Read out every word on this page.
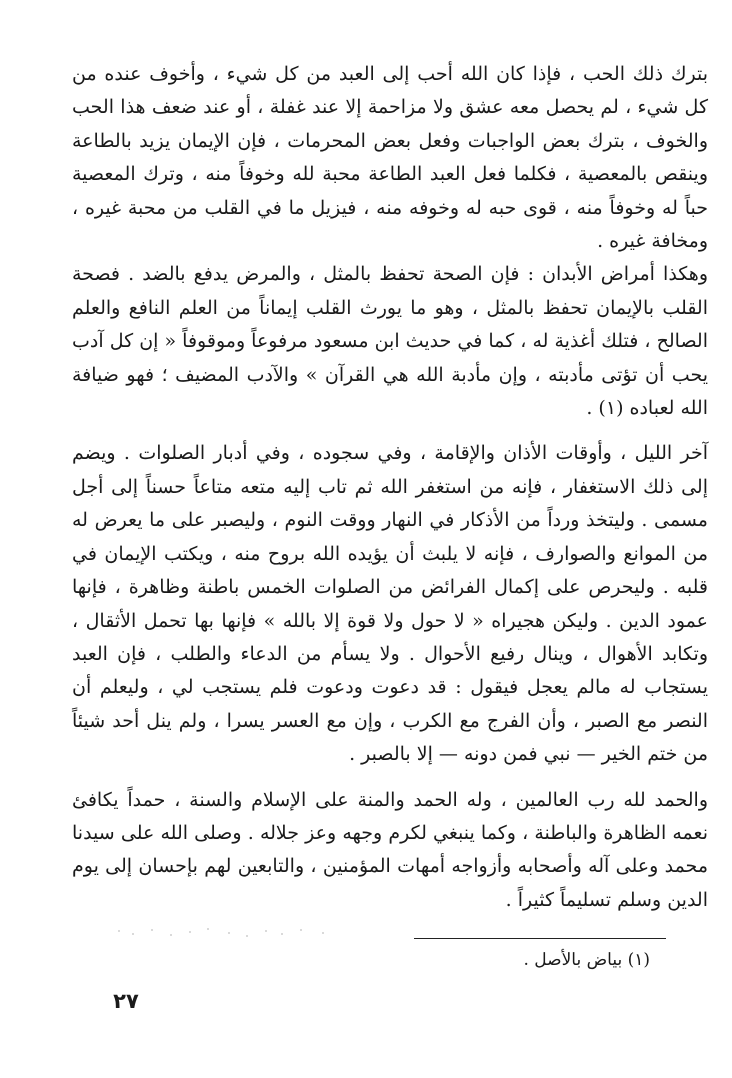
بترك ذلك الحب ، فإذا كان الله أحب إلى العبد من كل شيء ، وأخوف عنده من كل شيء ، لم يحصل معه عشق ولا مزاحمة إلا عند غفلة ، أو عند ضعف هذا الحب والخوف ، بترك بعض الواجبات وفعل بعض المحرمات ، فإن الإيمان يزيد بالطاعة وينقص بالمعصية ، فكلما فعل العبد الطاعة محبة لله وخوفاً منه ، وترك المعصية حباً له وخوفاً منه ، قوى حبه له وخوفه منه ، فيزيل ما في القلب من محبة غيره ، ومخافة غيره .

وهكذا أمراض الأبدان : فإن الصحة تحفظ بالمثل ، والمرض يدفع بالضد . فصحة القلب بالإيمان تحفظ بالمثل ، وهو ما يورث القلب إيماناً من العلم النافع والعلم الصالح ، فتلك أغذية له ، كما في حديث ابن مسعود مرفوعاً وموقوفاً « إن كل آدب يحب أن تؤتى مأدبته ، وإن مأدبة الله هي القرآن » والآدب المضيف ؛ فهو ضيافة الله لعباده (١) .

آخر الليل ، وأوقات الأذان والإقامة ، وفي سجوده ، وفي أدبار الصلوات . ويضم إلى ذلك الاستغفار ، فإنه من استغفر الله ثم تاب إليه متعه متاعاً حسناً إلى أجل مسمى . وليتخذ ورداً من الأذكار في النهار ووقت النوم ، وليصبر على ما يعرض له من الموانع والصوارف ، فإنه لا يلبث أن يؤيده الله بروح منه ، ويكتب الإيمان في قلبه . وليحرص على إكمال الفرائض من الصلوات الخمس باطنة وظاهرة ، فإنها عمود الدين . وليكن هجيراه « لا حول ولا قوة إلا بالله » فإنها بها تحمل الأثقال ، وتكابد الأهوال ، وينال رفيع الأحوال . ولا يسأم من الدعاء والطلب ، فإن العبد يستجاب له مالم يعجل فيقول : قد دعوت ودعوت فلم يستجب لي ، وليعلم أن النصر مع الصبر ، وأن الفرج مع الكرب ، وإن مع العسر يسرا ، ولم ينل أحد شيئاً من ختم الخير — نبي فمن دونه — إلا بالصبر .

والحمد لله رب العالمين ، وله الحمد والمنة على الإسلام والسنة ، حمداً يكافئ نعمه الظاهرة والباطنة ، وكما ينبغي لكرم وجهه وعز جلاله . وصلى الله على سيدنا محمد وعلى آله وأصحابه وأزواجه أمهات المؤمنين ، والتابعين لهم بإحسان إلى يوم الدين وسلم تسليماً كثيراً .

(١) بياض بالأصل .
٢٧
